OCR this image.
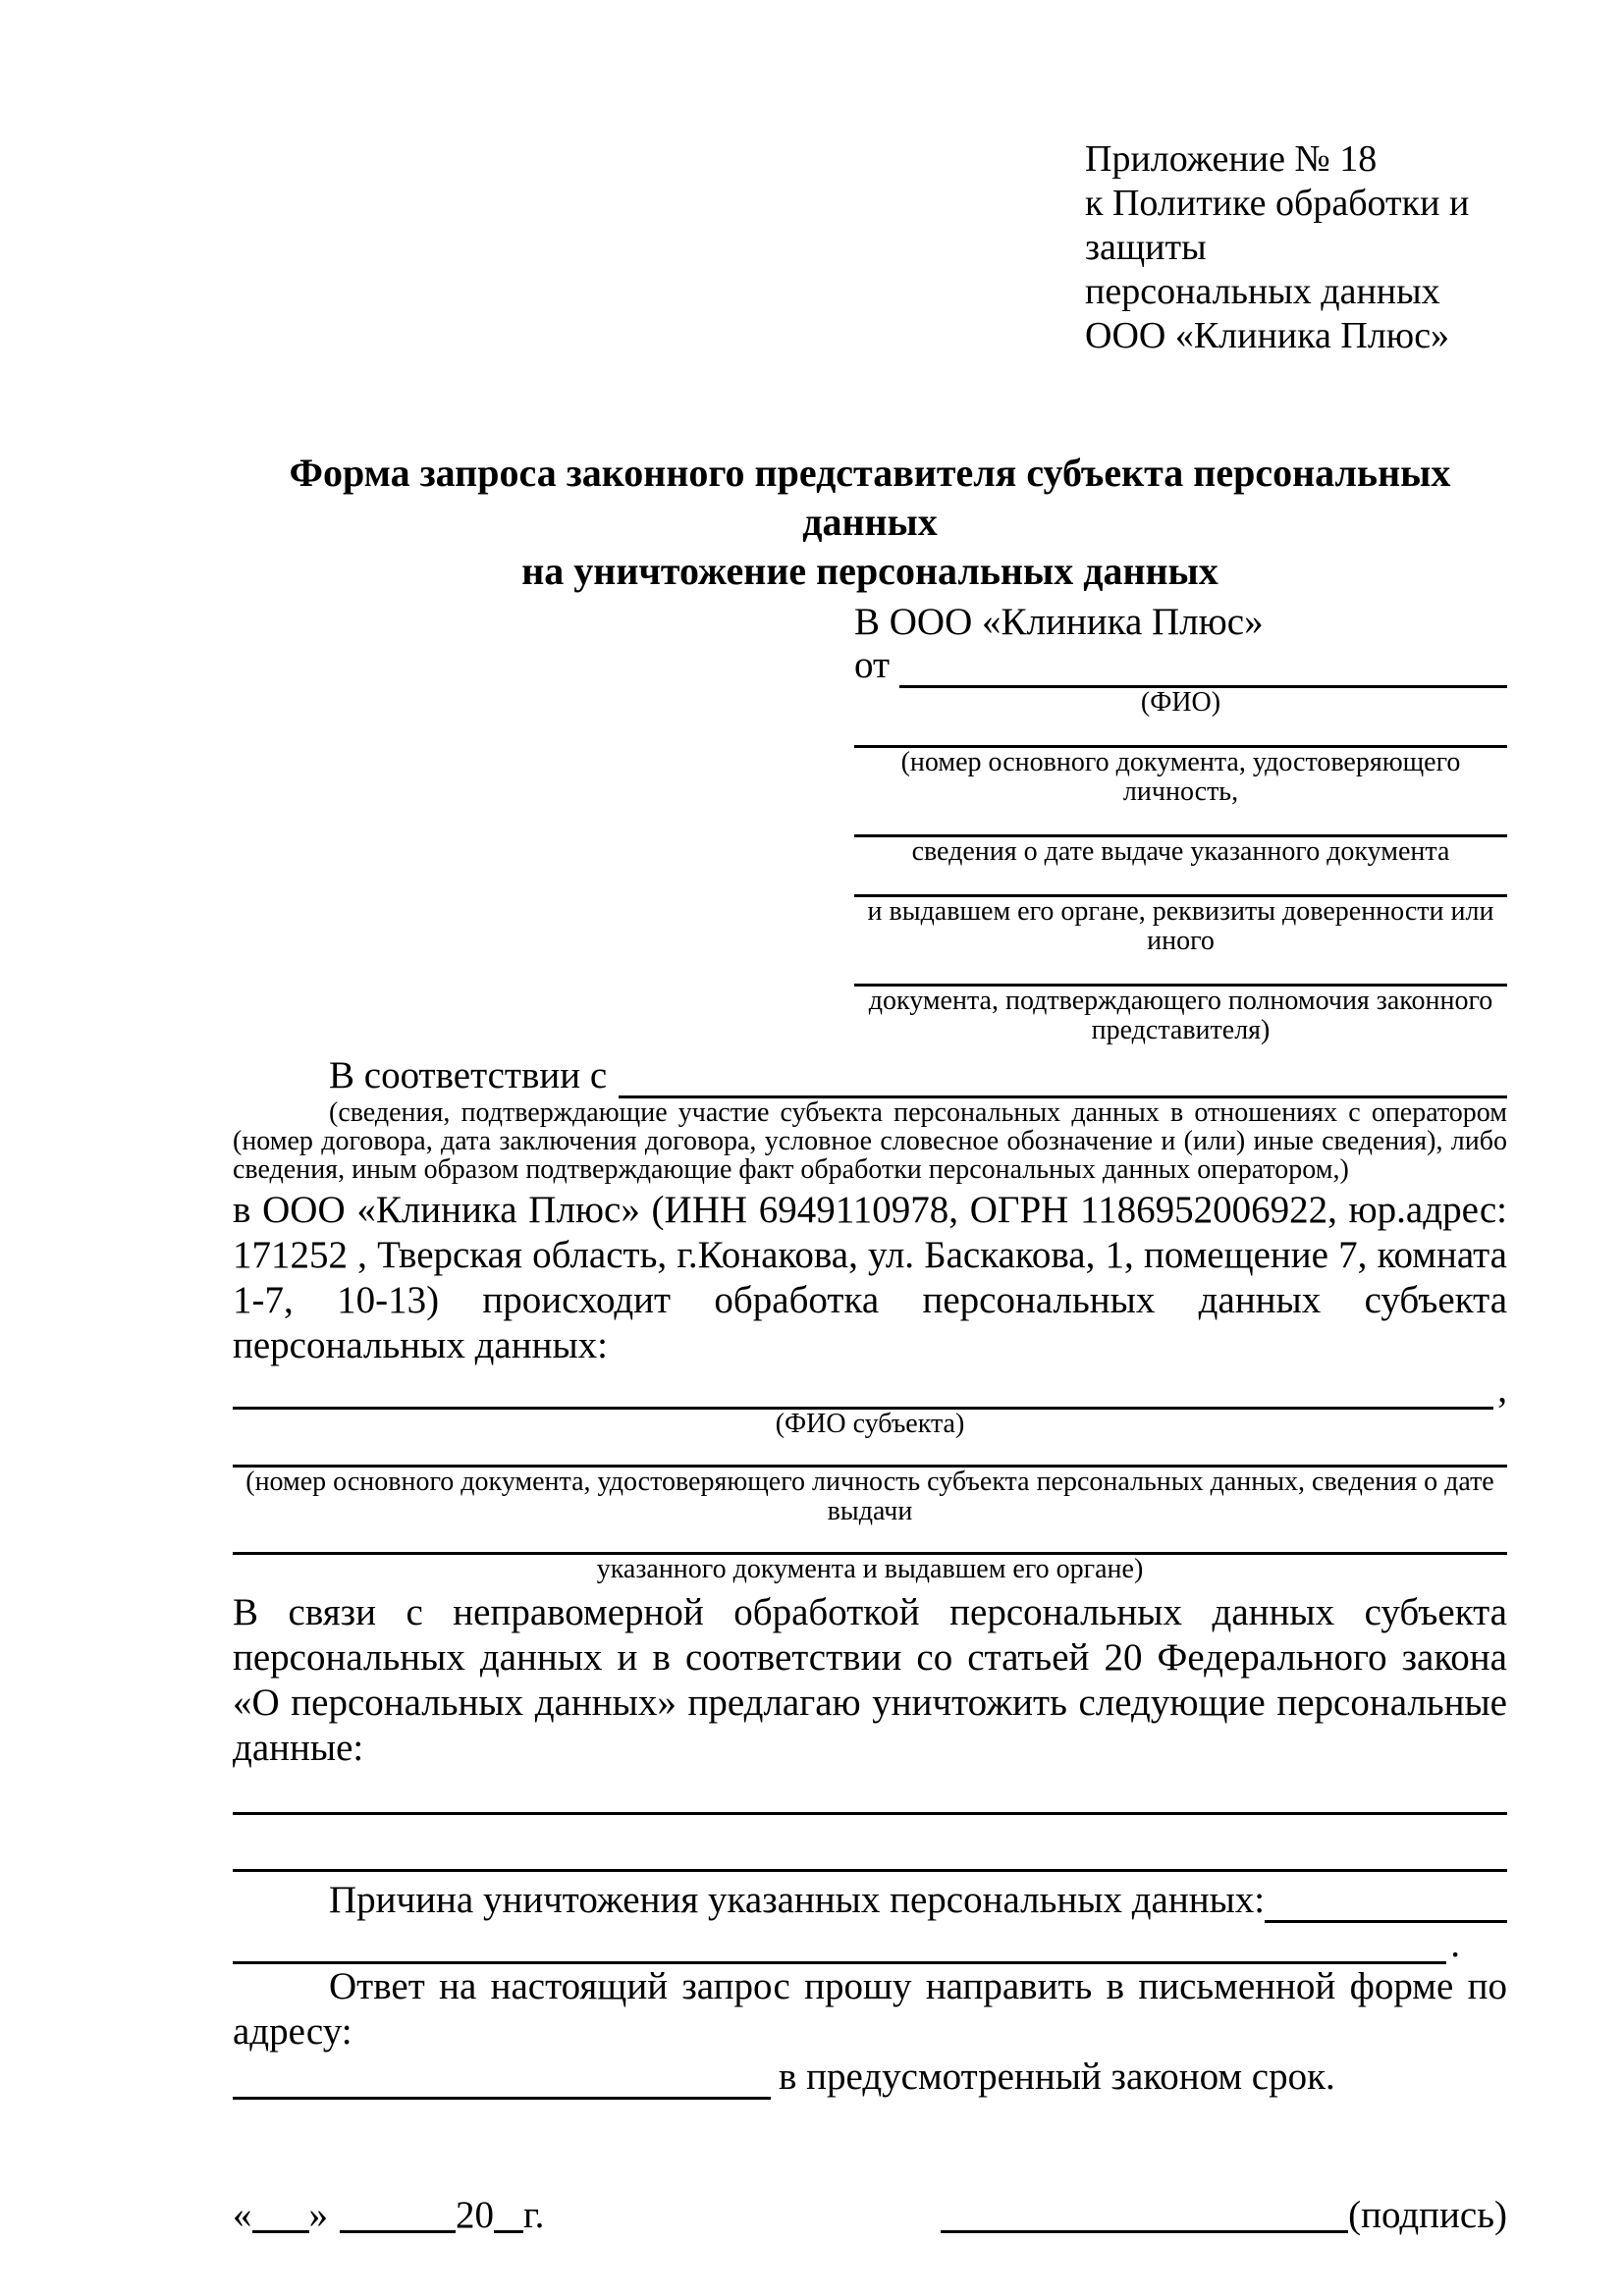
Приложение № 18
к Политике обработки и защиты
персональных данных
ООО «Клиника Плюс»
Форма запроса законного представителя субъекта персональных данных
на уничтожение персональных данных
В ООО «Клиника Плюс»
от
(ФИО)
(номер основного документа, удостоверяющего личность,
сведения о дате выдаче указанного документа
и выдавшем его органе, реквизиты доверенности или иного
документа, подтверждающего полномочия законного представителя)
В соответствии с
(сведения, подтверждающие участие субъекта персональных данных в отношениях с оператором (номер договора, дата заключения договора, условное словесное обозначение и (или) иные сведения), либо сведения, иным образом подтверждающие факт обработки персональных данных оператором,)
в ООО «Клиника Плюс» (ИНН 6949110978, ОГРН 1186952006922, юр.адрес: 171252 , Тверская область, г.Конакова, ул. Баскакова, 1, помещение 7, комната 1-7, 10-13) происходит обработка персональных данных субъекта персональных данных:
,
(ФИО субъекта)
(номер основного документа, удостоверяющего личность субъекта персональных данных, сведения о дате выдачи
указанного документа и выдавшем его органе)
В связи с неправомерной обработкой персональных данных субъекта персональных данных и в соответствии со статьей 20 Федерального закона «О персональных данных» предлагаю уничтожить следующие персональные данные:
Причина уничтожения указанных персональных данных:
.
Ответ на настоящий запрос прошу направить в письменной форме по адресу:
в предусмотренный законом срок.
« »	20 г.	(подпись)
